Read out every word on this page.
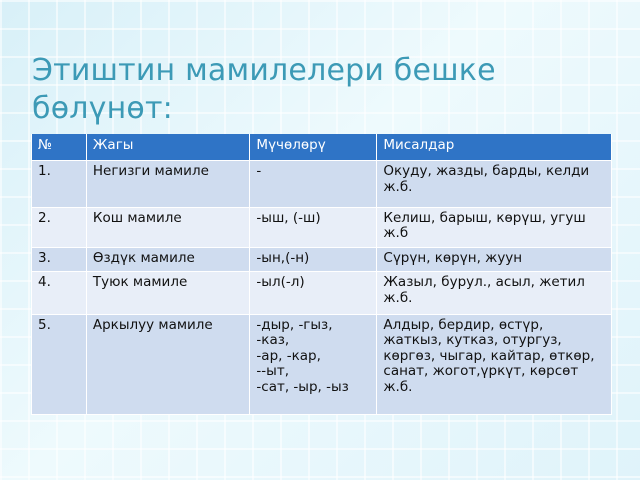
Этиштин мамилелери бешке бөлүнөт:
№	Жагы	Мүчөлөрү	Мисалдар
1.	Негизги мамиле	-	Окуду, жазды, барды, келди ж.б.

2.	Кош мамиле	-ыш, (-ш)	Келиш, барыш, көрүш, угуш ж.б

3.	Өздүк мамиле	-ын,(-н)	Сүрүн, көрүн, жуун

4.	Туюк мамиле	-ыл(-л)	Жазыл, бурул., асыл, жетил ж.б.

5.	Аркылуу мамиле	-дыр, -гыз,
-каз,
-ар, -кар,
--ыт,
-сат, -ыр, -ыз	Алдыр, бердир, өстүр, жаткыз, кутказ, отургуз, көргөз, чыгар, кайтар, өткөр, санат, жогот,үркүт, көрсөт ж.б.
